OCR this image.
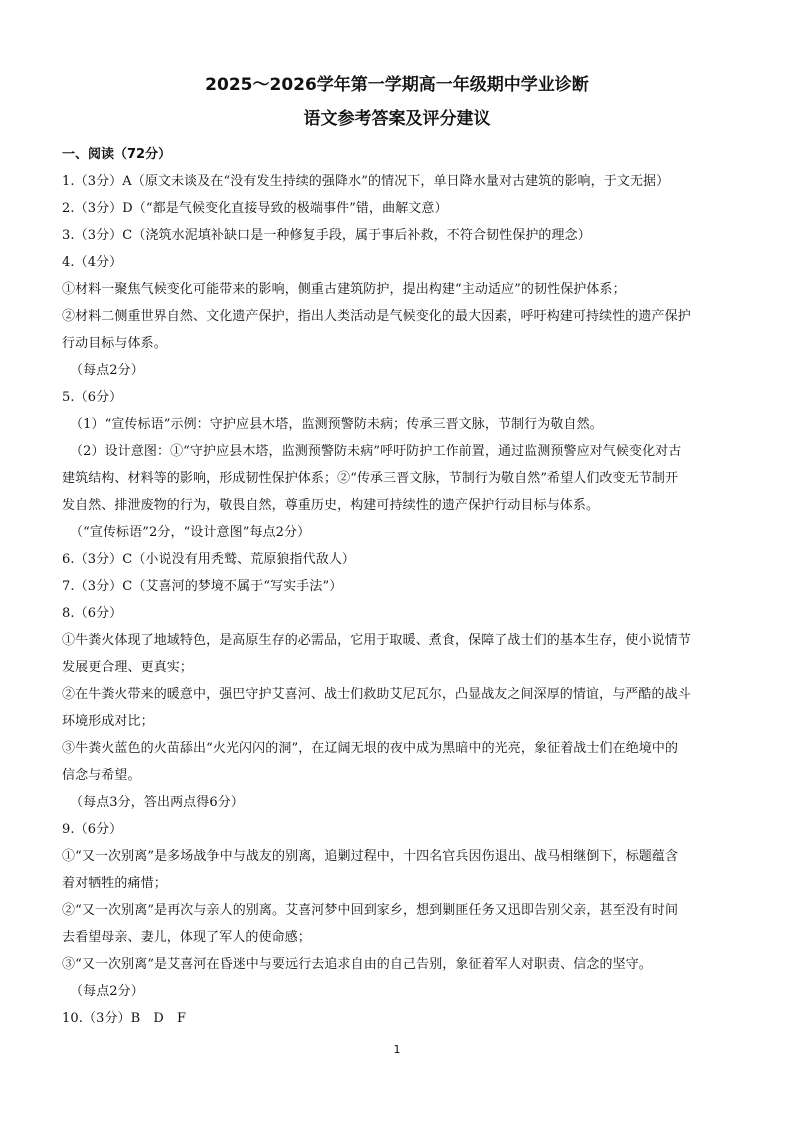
2025～2026学年第一学期高一年级期中学业诊断
语文参考答案及评分建议

一、阅读（72分）

1.（3分）A（原文未谈及在“没有发生持续的强降水”的情况下，单日降水量对古建筑的影响，于文无据）

2.（3分）D（“都是气候变化直接导致的极端事件”错，曲解文意）

3.（3分）C（浇筑水泥填补缺口是一种修复手段，属于事后补救，不符合韧性保护的理念）

4.（4分）

①材料一聚焦气候变化可能带来的影响，侧重古建筑防护，提出构建“主动适应”的韧性保护体系；

②材料二侧重世界自然、文化遗产保护，指出人类活动是气候变化的最大因素，呼吁构建可持续性的遗产保护

行动目标与体系。

（每点2分）

5.（6分）

（1）“宣传标语”示例：守护应县木塔，监测预警防未病；传承三晋文脉，节制行为敬自然。

（2）设计意图：①“守护应县木塔，监测预警防未病”呼吁防护工作前置，通过监测预警应对气候变化对古

建筑结构、材料等的影响，形成韧性保护体系；②“传承三晋文脉，节制行为敬自然”希望人们改变无节制开

发自然、排泄废物的行为，敬畏自然，尊重历史，构建可持续性的遗产保护行动目标与体系。

（“宣传标语”2分，“设计意图”每点2分）

6.（3分）C（小说没有用秃鹫、荒原狼指代敌人）

7.（3分）C（艾喜河的梦境不属于“写实手法”）

8.（6分）

①牛粪火体现了地域特色，是高原生存的必需品，它用于取暖、煮食，保障了战士们的基本生存，使小说情节

发展更合理、更真实；

②在牛粪火带来的暖意中，强巴守护艾喜河、战士们救助艾尼瓦尔，凸显战友之间深厚的情谊，与严酷的战斗

环境形成对比；

③牛粪火蓝色的火苗舔出“火光闪闪的洞”，在辽阔无垠的夜中成为黑暗中的光亮，象征着战士们在绝境中的

信念与希望。

（每点3分，答出两点得6分）

9.（6分）

①“又一次别离”是多场战争中与战友的别离，追剿过程中，十四名官兵因伤退出、战马相继倒下，标题蕴含

着对牺牲的痛惜；

②“又一次别离”是再次与亲人的别离。艾喜河梦中回到家乡，想到剿匪任务又迅即告别父亲，甚至没有时间

去看望母亲、妻儿，体现了军人的使命感；

③“又一次别离”是艾喜河在昏迷中与要远行去追求自由的自己告别，象征着军人对职责、信念的坚守。

（每点2分）

10.（3分）B　D　F

1
